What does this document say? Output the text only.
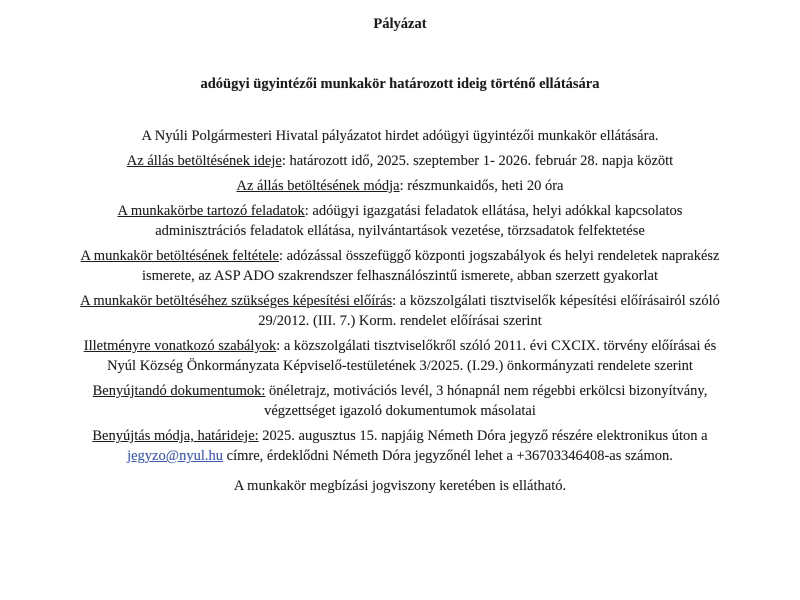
Pályázat
adóügyi ügyintézői munkakör határozott ideig történő ellátására

A Nyúli Polgármesteri Hivatal pályázatot hirdet adóügyi ügyintézői munkakör ellátására.

Az állás betöltésének ideje: határozott idő, 2025. szeptember 1- 2026. február 28. napja között

Az állás betöltésének módja: részmunkaidős, heti 20 óra

A munkakörbe tartozó feladatok: adóügyi igazgatási feladatok ellátása, helyi adókkal kapcsolatos adminisztrációs feladatok ellátása, nyilvántartások vezetése, törzsadatok felfektetése

A munkakör betöltésének feltétele: adózással összefüggő központi jogszabályok és helyi rendeletek naprakész ismerete, az ASP ADO szakrendszer felhasználószintű ismerete, abban szerzett gyakorlat

A munkakör betöltéséhez szükséges képesítési előírás: a közszolgálati tisztviselők képesítési előírásairól szóló 29/2012. (III. 7.) Korm. rendelet előírásai szerint

Illetményre vonatkozó szabályok: a közszolgálati tisztviselőkről szóló 2011. évi CXCIX. törvény előírásai és Nyúl Község Önkormányzata Képviselő-testületének 3/2025. (I.29.) önkormányzati rendelete szerint

Benyújtandó dokumentumok: önéletrajz, motivációs levél, 3 hónapnál nem régebbi erkölcsi bizonyítvány, végzettséget igazoló dokumentumok másolatai

Benyújtás módja, határideje: 2025. augusztus 15. napjáig Németh Dóra jegyző részére elektronikus úton a jegyzo@nyul.hu címre, érdeklődni Németh Dóra jegyzőnél lehet a +36703346408-as számon.

A munkakör megbízási jogviszony keretében is ellátható.
